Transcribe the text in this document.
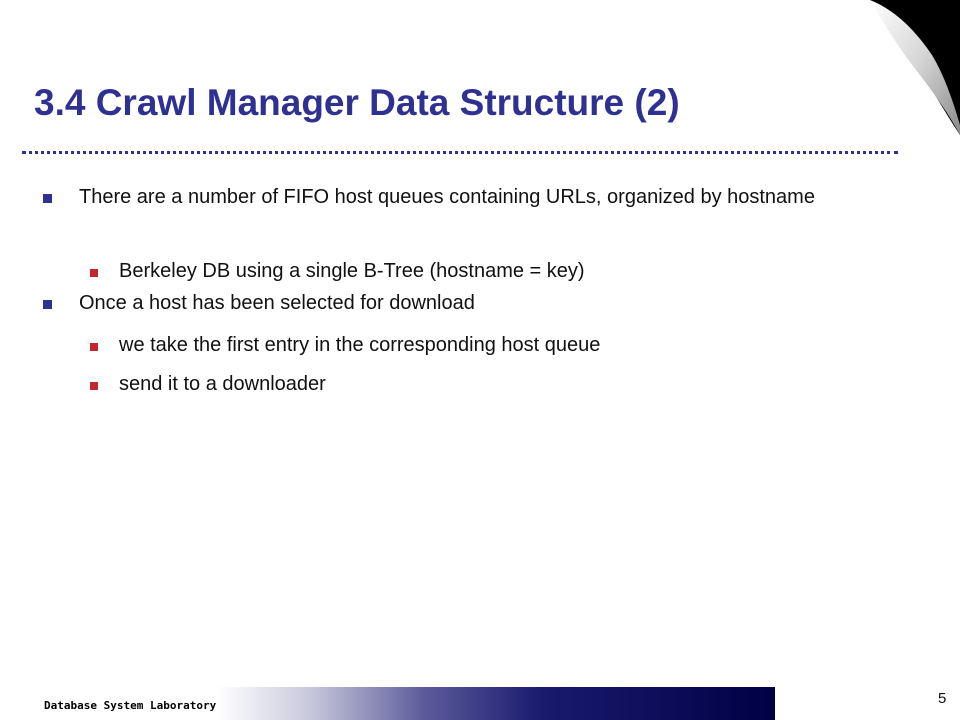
3.4 Crawl Manager Data Structure (2)
There are a number of FIFO host queues containing URLs, organized by hostname
Berkeley DB using a single B-Tree (hostname = key)
Once a host has been selected for download
we take the first entry in the corresponding host queue
send it to a downloader
Database System Laboratory	5
